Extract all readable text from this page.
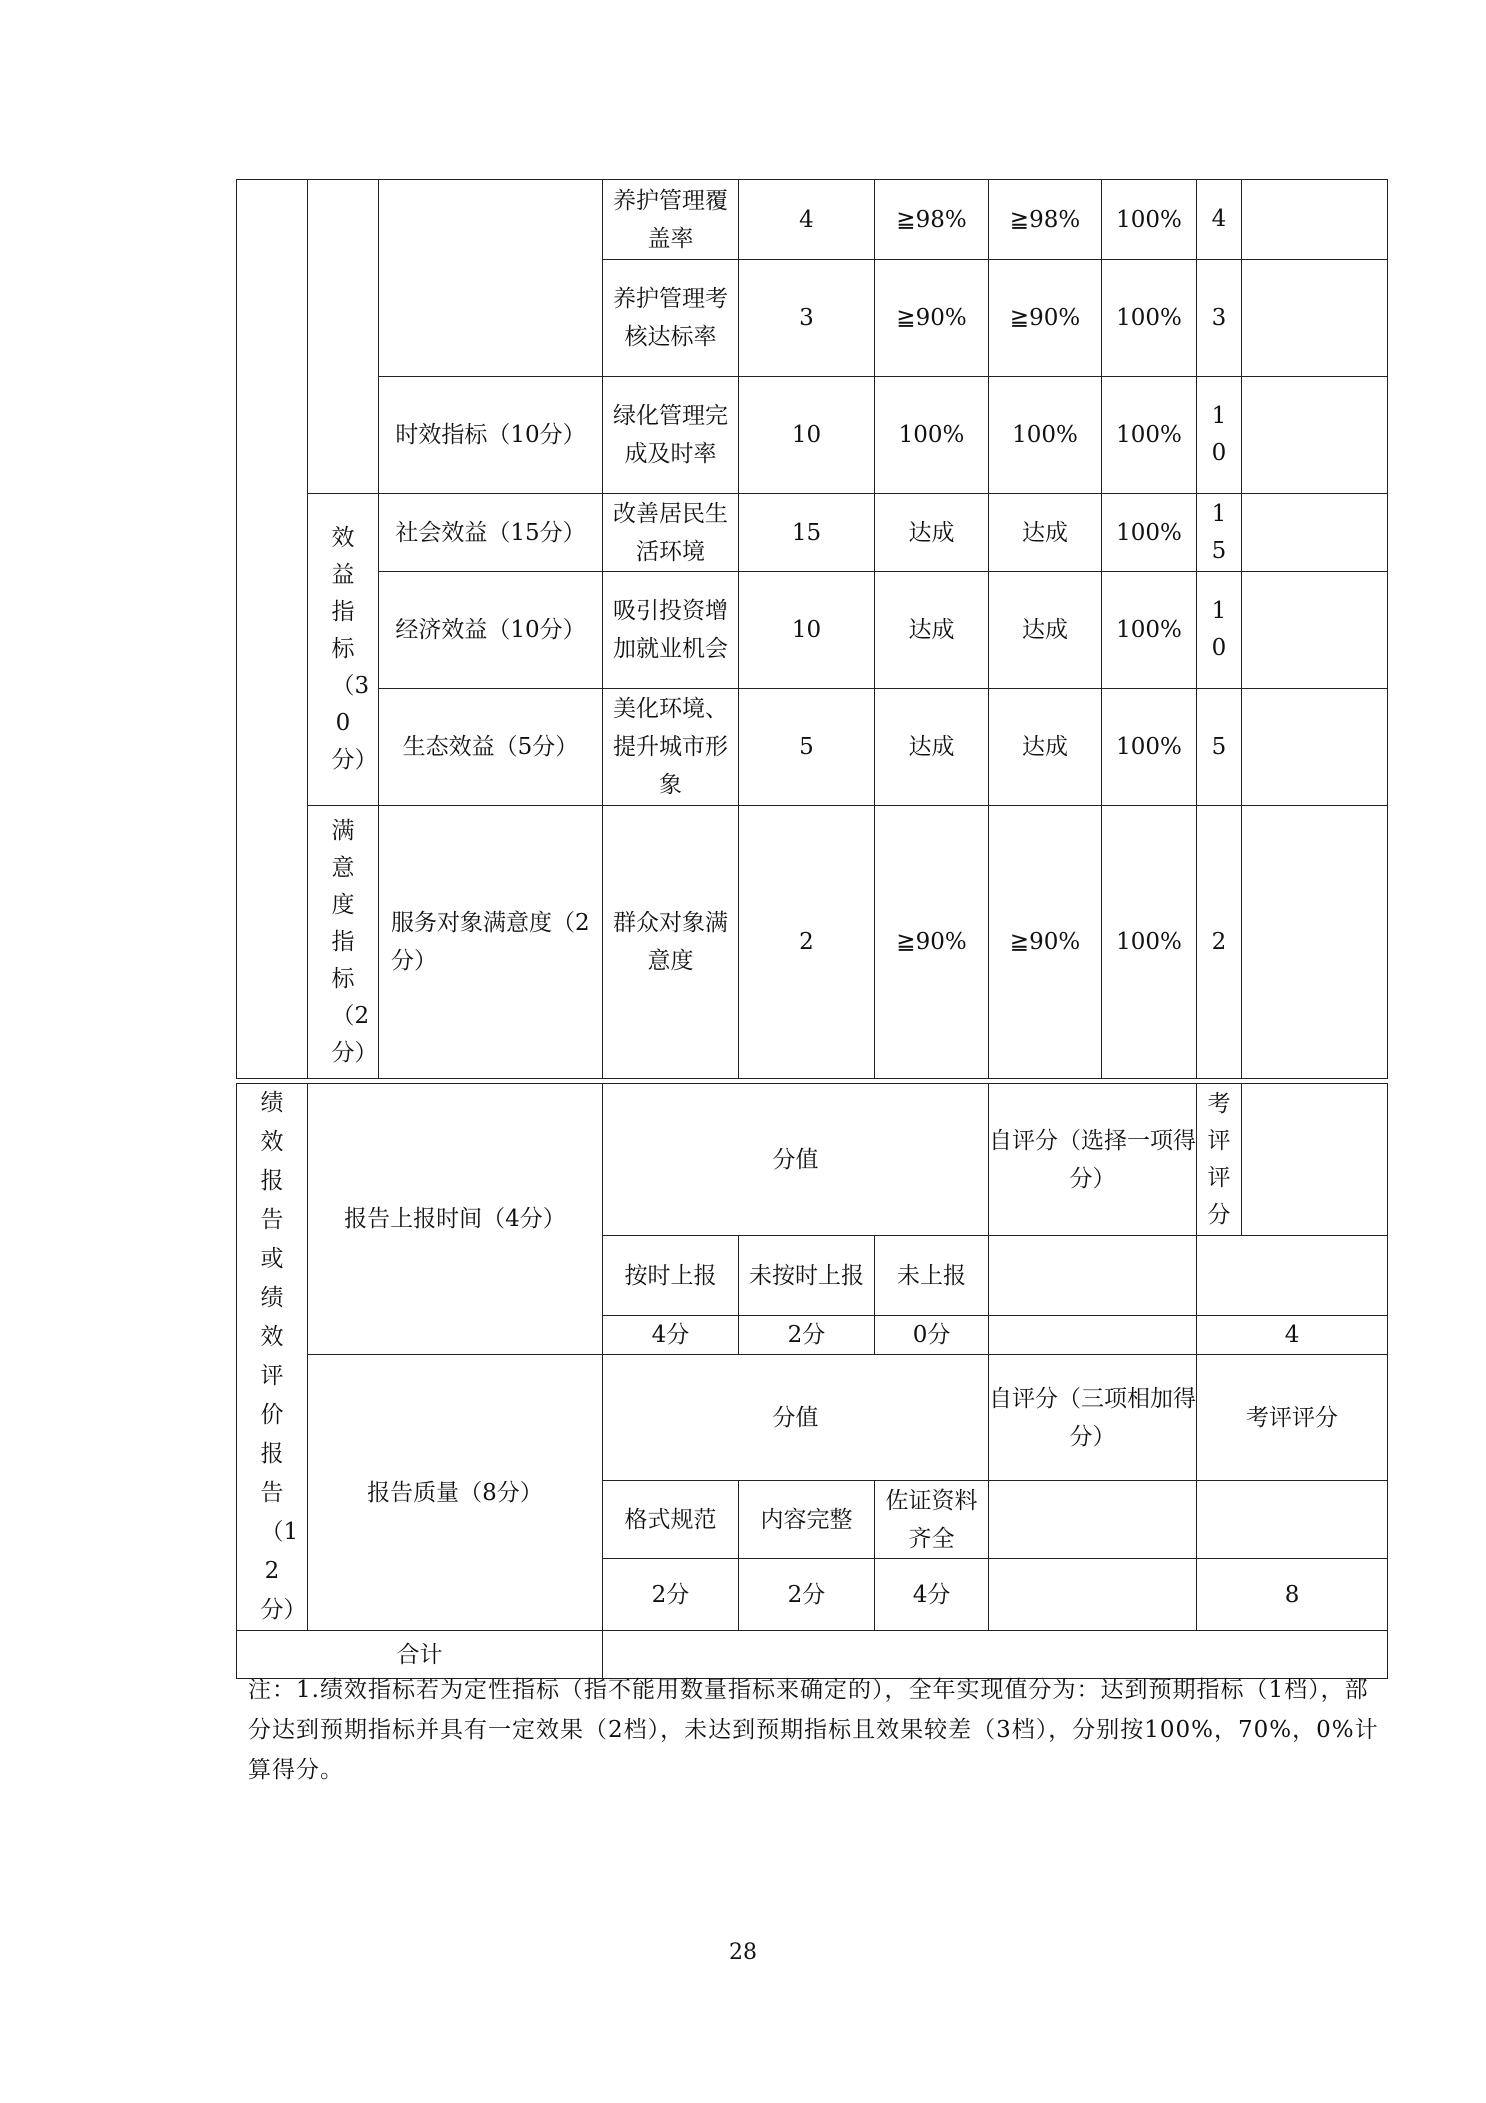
			养护管理覆盖率	4	≧98%	≧98%	100%	4	

			养护管理考核达标率	3	≧90%	≧90%	100%	3	

		时效指标（10分）	绿化管理完成及时率	10	100%	100%	100%	10	

	效益指标（30分）	社会效益（15分）	改善居民生活环境	15	达成	达成	100%	15	

		经济效益（10分）	吸引投资增加就业机会	10	达成	达成	100%	10	

		生态效益（5分）	美化环境、提升城市形象	5	达成	达成	100%	5	

	满意度指标（2分）	服务对象满意度（2分）	群众对象满意度	2	≧90%	≧90%	100%	2	

绩效报告或绩效评价报告（12分）	报告上报时间（4分）	分值			自评分（选择一项得分）	考评评分	

		按时上报	未按时上报	未上报			
		4分	2分	0分		4	
	报告质量（8分）	分值			自评分（三项相加得分）	考评评分	
		格式规范	内容完整	佐证资料齐全			
		2分	2分	4分		8	
合计							
注：1.绩效指标若为定性指标（指不能用数量指标来确定的），全年实现值分为：达到预期指标（1档），部分达到预期指标并具有一定效果（2档），未达到预期指标且效果较差（3档），分别按100%，70%，0%计算得分。
28
